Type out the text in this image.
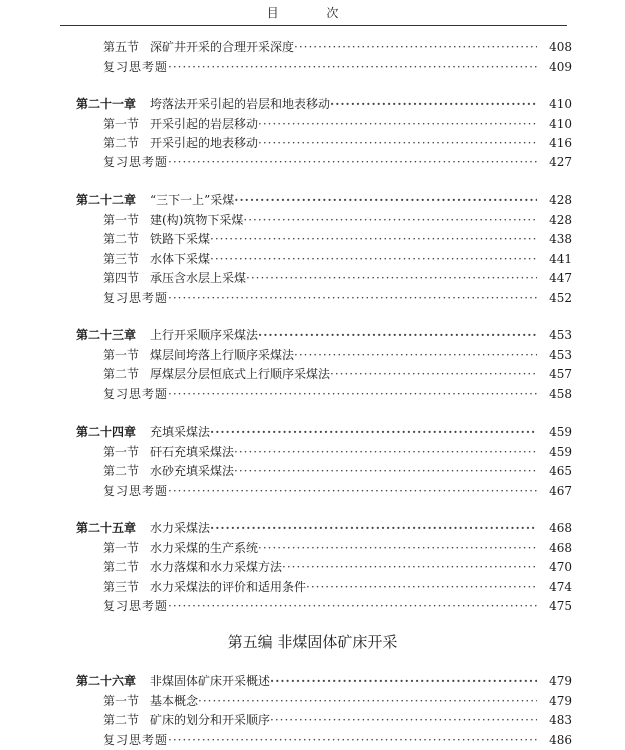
目 次
第五节 深矿井开采的合理开采深度 ·····	408
复习思考题 ·····	409
第二十一章 垮落法开采引起的岩层和地表移动 ·····	410
第一节 开采引起的岩层移动 ·····	410
第二节 开采引起的地表移动 ·····	416
复习思考题 ·····	427
第二十二章 “三下一上”采煤 ·····	428
第一节 建(构)筑物下采煤 ·····	428
第二节 铁路下采煤 ·····	438
第三节 水体下采煤 ·····	441
第四节 承压含水层上采煤 ·····	447
复习思考题 ·····	452
第二十三章 上行开采顺序采煤法 ·····	453
第一节 煤层间垮落上行顺序采煤法 ·····	453
第二节 厚煤层分层恒底式上行顺序采煤法 ·····	457
复习思考题 ·····	458
第二十四章 充填采煤法 ·····	459
第一节 矸石充填采煤法 ·····	459
第二节 水砂充填采煤法 ·····	465
复习思考题 ·····	467
第二十五章 水力采煤法 ·····	468
第一节 水力采煤的生产系统 ·····	468
第二节 水力落煤和水力采煤方法 ·····	470
第三节 水力采煤法的评价和适用条件 ·····	474
复习思考题 ·····	475
第二十六章 非煤固体矿床开采概述 ·····	479
第一节 基本概念 ·····	479
第二节 矿床的划分和开采顺序 ·····	483
复习思考题 ·····	486
第五编 非煤固体矿床开采
